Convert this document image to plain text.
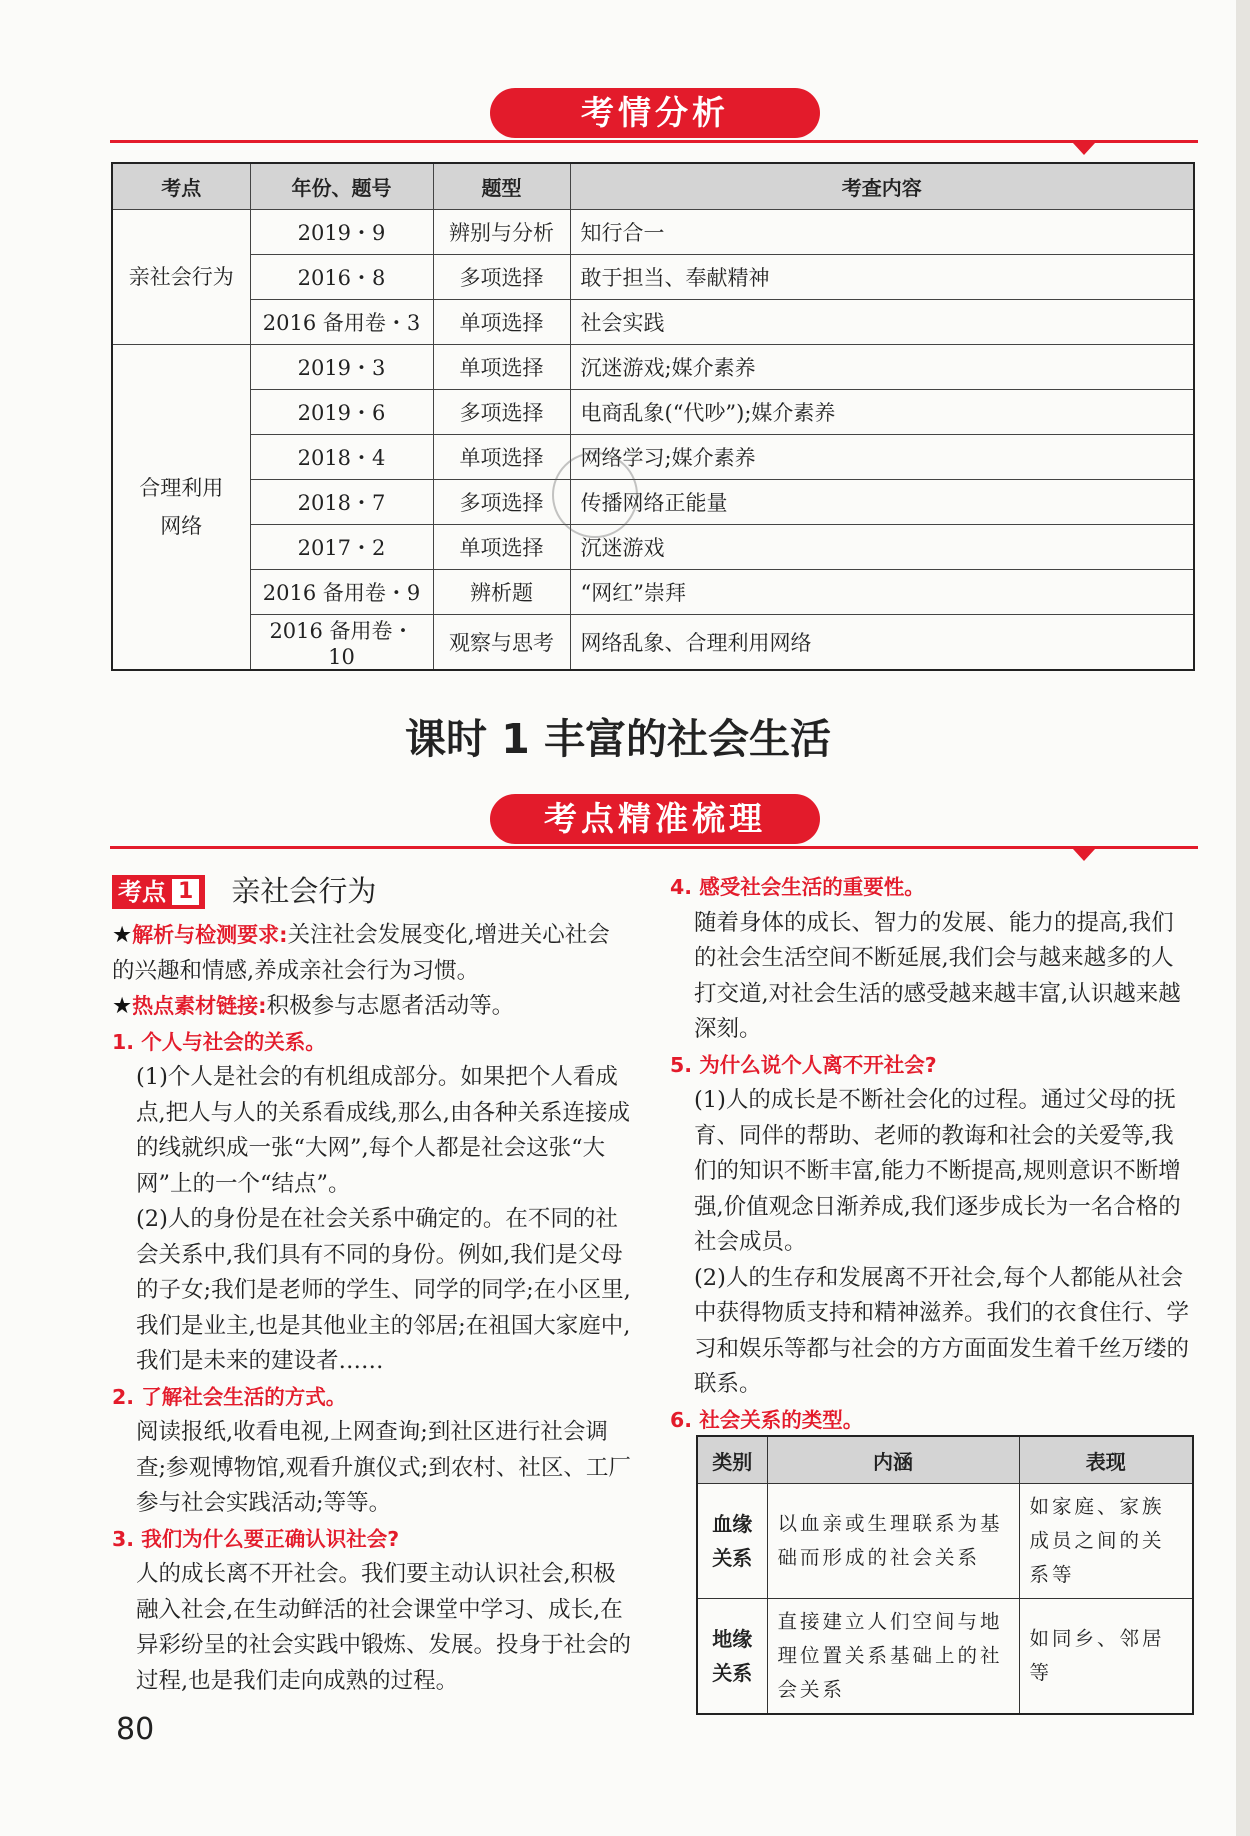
考情分析
考点	年份、题号	题型	考查内容
亲社会行为	2019・9	辨别与分析	知行合一
	2016・8	多项选择	敢于担当、奉献精神
	2016 备用卷・3	单项选择	社会实践

合理利用
网络	2019・3	单项选择	沉迷游戏;媒介素养
	2019・6	多项选择	电商乱象(“代吵”);媒介素养
	2018・4	单项选择	网络学习;媒介素养
	2018・7	多项选择	传播网络正能量
	2017・2	单项选择	沉迷游戏
	2016 备用卷・9	辨析题	“网红”崇拜
	2016 备用卷・10	观察与思考	网络乱象、合理利用网络
课时 1 丰富的社会生活
考点精准梳理
考点 1 亲社会行为

★解析与检测要求:关注社会发展变化,增进关心社会的兴趣和情感,养成亲社会行为习惯。

★热点素材链接:积极参与志愿者活动等。

1. 个人与社会的关系。

(1)个人是社会的有机组成部分。如果把个人看成点,把人与人的关系看成线,那么,由各种关系连接成的线就织成一张“大网”,每个人都是社会这张“大网”上的一个“结点”。

(2)人的身份是在社会关系中确定的。在不同的社会关系中,我们具有不同的身份。例如,我们是父母的子女;我们是老师的学生、同学的同学;在小区里,我们是业主,也是其他业主的邻居;在祖国大家庭中,我们是未来的建设者……

2. 了解社会生活的方式。

阅读报纸,收看电视,上网查询;到社区进行社会调查;参观博物馆,观看升旗仪式;到农村、社区、工厂参与社会实践活动;等等。

3. 我们为什么要正确认识社会?

人的成长离不开社会。我们要主动认识社会,积极融入社会,在生动鲜活的社会课堂中学习、成长,在异彩纷呈的社会实践中锻炼、发展。投身于社会的过程,也是我们走向成熟的过程。

4. 感受社会生活的重要性。

随着身体的成长、智力的发展、能力的提高,我们的社会生活空间不断延展,我们会与越来越多的人打交道,对社会生活的感受越来越丰富,认识越来越深刻。

5. 为什么说个人离不开社会?

(1)人的成长是不断社会化的过程。通过父母的抚育、同伴的帮助、老师的教诲和社会的关爱等,我们的知识不断丰富,能力不断提高,规则意识不断增强,价值观念日渐养成,我们逐步成长为一名合格的社会成员。

(2)人的生存和发展离不开社会,每个人都能从社会中获得物质支持和精神滋养。我们的衣食住行、学习和娱乐等都与社会的方方面面发生着千丝万缕的联系。

6. 社会关系的类型。

类别	内涵	表现

血缘
关系	以血亲或生理联系为基础而形成的社会关系	如家庭、家族成员之间的关系等

地缘
关系	直接建立人们空间与地理位置关系基础上的社会关系	如同乡、邻居等
80
